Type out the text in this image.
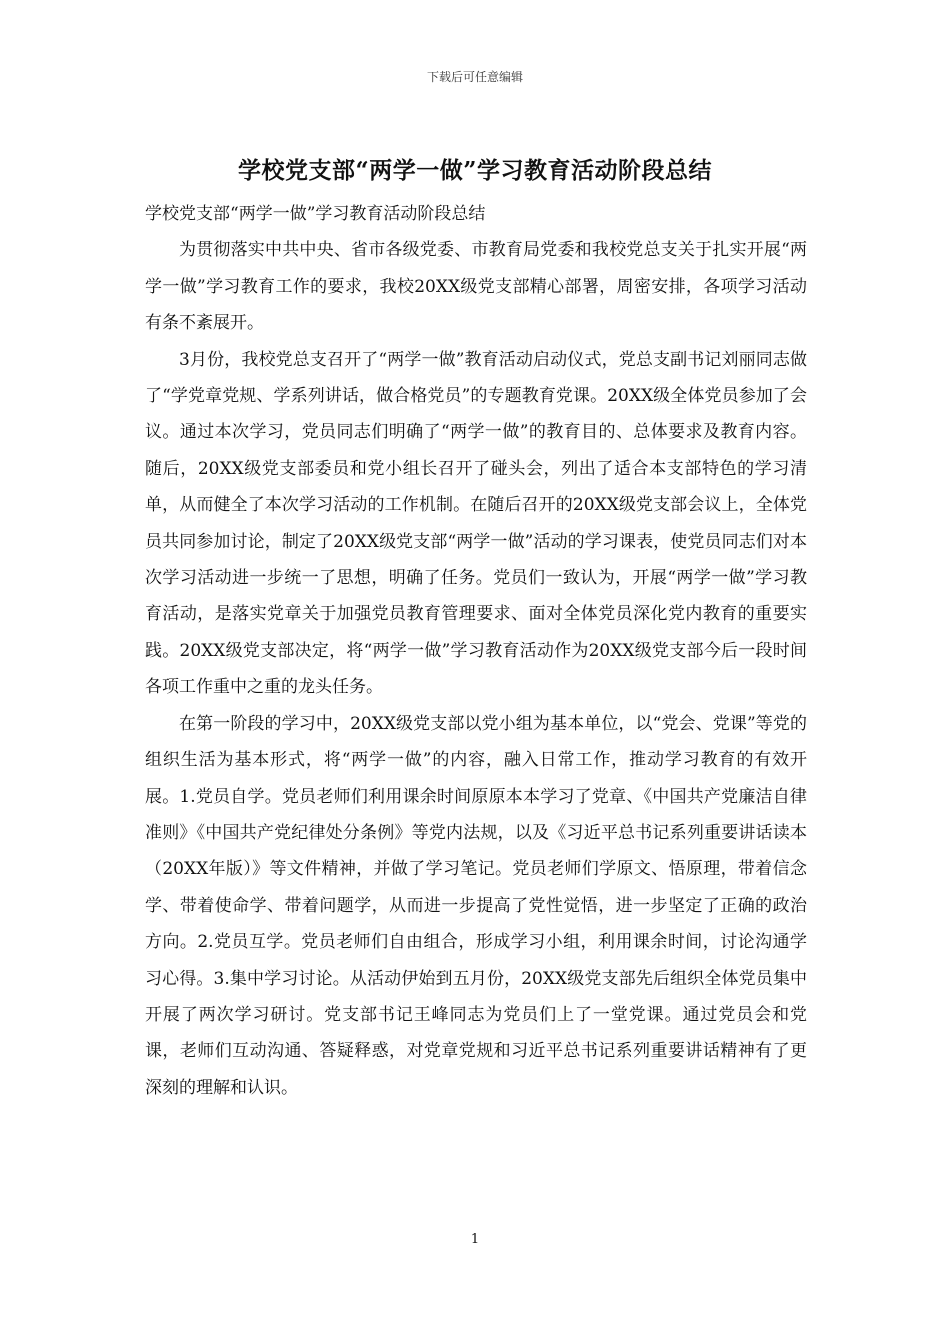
下载后可任意编辑
学校党支部“两学一做”学习教育活动阶段总结

学校党支部“两学一做”学习教育活动阶段总结

为贯彻落实中共中央、省市各级党委、市教育局党委和我校党总支关于扎实开展“两学一做”学习教育工作的要求，我校20XX级党支部精心部署，周密安排，各项学习活动有条不紊展开。

3月份，我校党总支召开了“两学一做”教育活动启动仪式，党总支副书记刘丽同志做了“学党章党规、学系列讲话，做合格党员”的专题教育党课。20XX级全体党员参加了会议。通过本次学习，党员同志们明确了“两学一做”的教育目的、总体要求及教育内容。随后，20XX级党支部委员和党小组长召开了碰头会，列出了适合本支部特色的学习清单，从而健全了本次学习活动的工作机制。在随后召开的20XX级党支部会议上，全体党员共同参加讨论，制定了20XX级党支部“两学一做”活动的学习课表，使党员同志们对本次学习活动进一步统一了思想，明确了任务。党员们一致认为，开展“两学一做”学习教育活动，是落实党章关于加强党员教育管理要求、面对全体党员深化党内教育的重要实践。20XX级党支部决定，将“两学一做”学习教育活动作为20XX级党支部今后一段时间各项工作重中之重的龙头任务。

在第一阶段的学习中，20XX级党支部以党小组为基本单位，以“党会、党课”等党的组织生活为基本形式，将“两学一做”的内容，融入日常工作，推动学习教育的有效开展。1.党员自学。党员老师们利用课余时间原原本本学习了党章、《中国共产党廉洁自律准则》《中国共产党纪律处分条例》等党内法规，以及《习近平总书记系列重要讲话读本（20XX年版）》等文件精神，并做了学习笔记。党员老师们学原文、悟原理，带着信念学、带着使命学、带着问题学，从而进一步提高了党性觉悟，进一步坚定了正确的政治方向。2.党员互学。党员老师们自由组合，形成学习小组，利用课余时间，讨论沟通学习心得。3.集中学习讨论。从活动伊始到五月份，20XX级党支部先后组织全体党员集中开展了两次学习研讨。党支部书记王峰同志为党员们上了一堂党课。通过党员会和党课，老师们互动沟通、答疑释惑，对党章党规和习近平总书记系列重要讲话精神有了更深刻的理解和认识。

1
